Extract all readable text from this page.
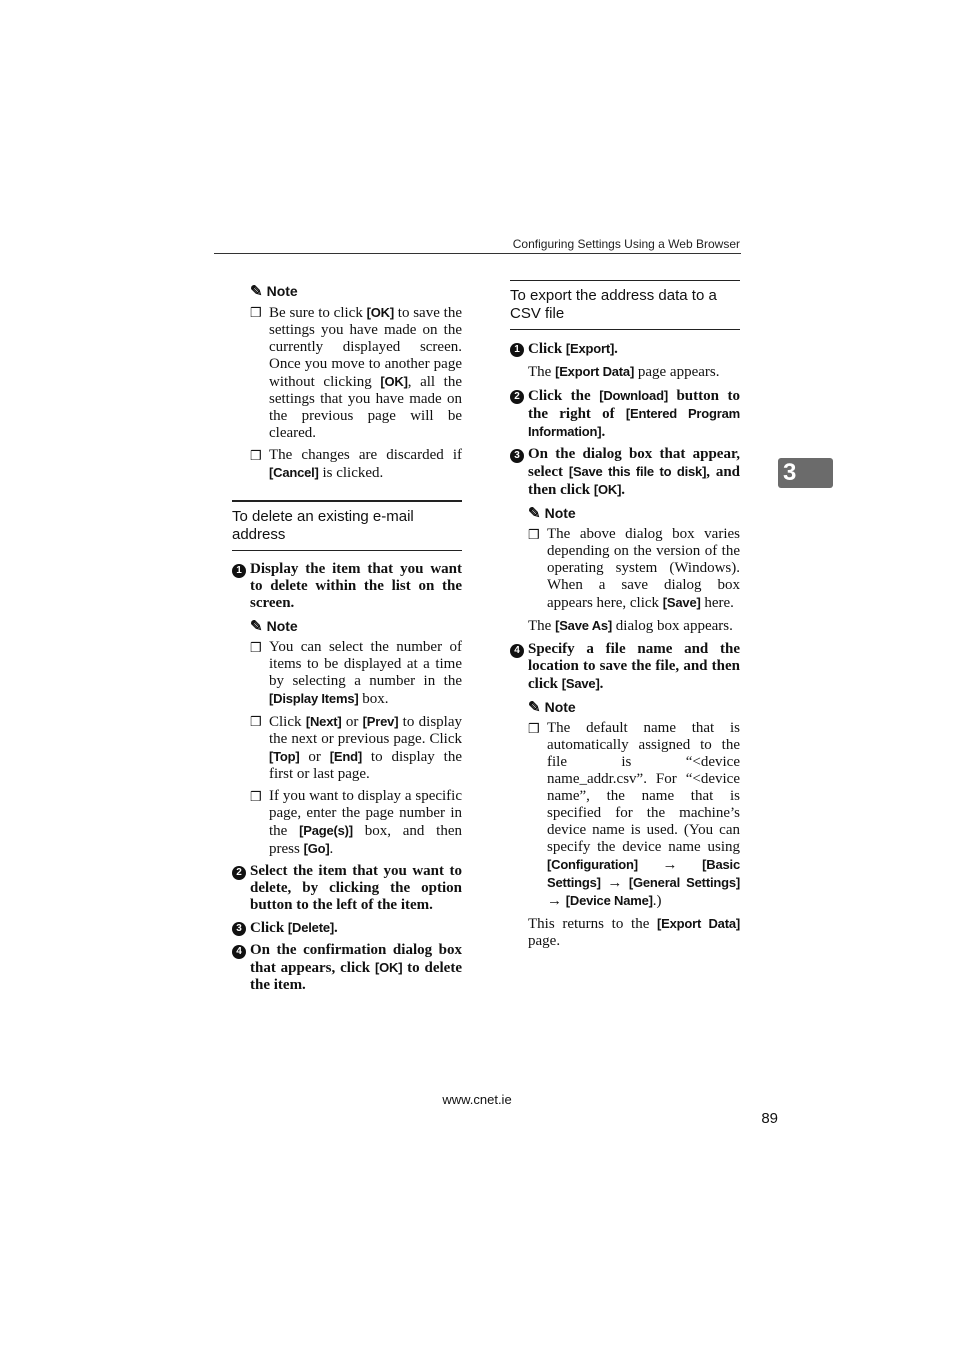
Configuring Settings Using a Web Browser
3
✎ Note
❒ Be sure to click [OK] to save the settings you have made on the currently displayed screen. Once you move to another page without clicking [OK], all the settings that you have made on the previous page will be cleared.
❒ The changes are discarded if [Cancel] is clicked.
To delete an existing e-mail address
1 Display the item that you want to delete within the list on the screen.
✎ Note
❒ You can select the number of items to be displayed at a time by selecting a number in the [Display Items] box.
❒ Click [Next] or [Prev] to display the next or previous page. Click [Top] or [End] to display the first or last page.
❒ If you want to display a specific page, enter the page number in the [Page(s)] box, and then press [Go].
2 Select the item that you want to delete, by clicking the option button to the left of the item.
3 Click [Delete].
4 On the confirmation dialog box that appears, click [OK] to delete the item.
To export the address data to a CSV file
1 Click [Export].
The [Export Data] page appears.
2 Click the [Download] button to the right of [Entered Program Information].
3 On the dialog box that appear, select [Save this file to disk], and then click [OK].
✎ Note
❒ The above dialog box varies depending on the version of the operating system (Windows). When a save dialog box appears here, click [Save] here.
The [Save As] dialog box appears.
4 Specify a file name and the location to save the file, and then click [Save].
✎ Note
❒ The default name that is automatically assigned to the file is “<device name_addr.csv”. For “<device name”, the name that is specified for the machine’s device name is used. (You can specify the device name using [Configuration] → [Basic Settings] → [General Settings] → [Device Name].)
This returns to the [Export Data] page.
www.cnet.ie
89
